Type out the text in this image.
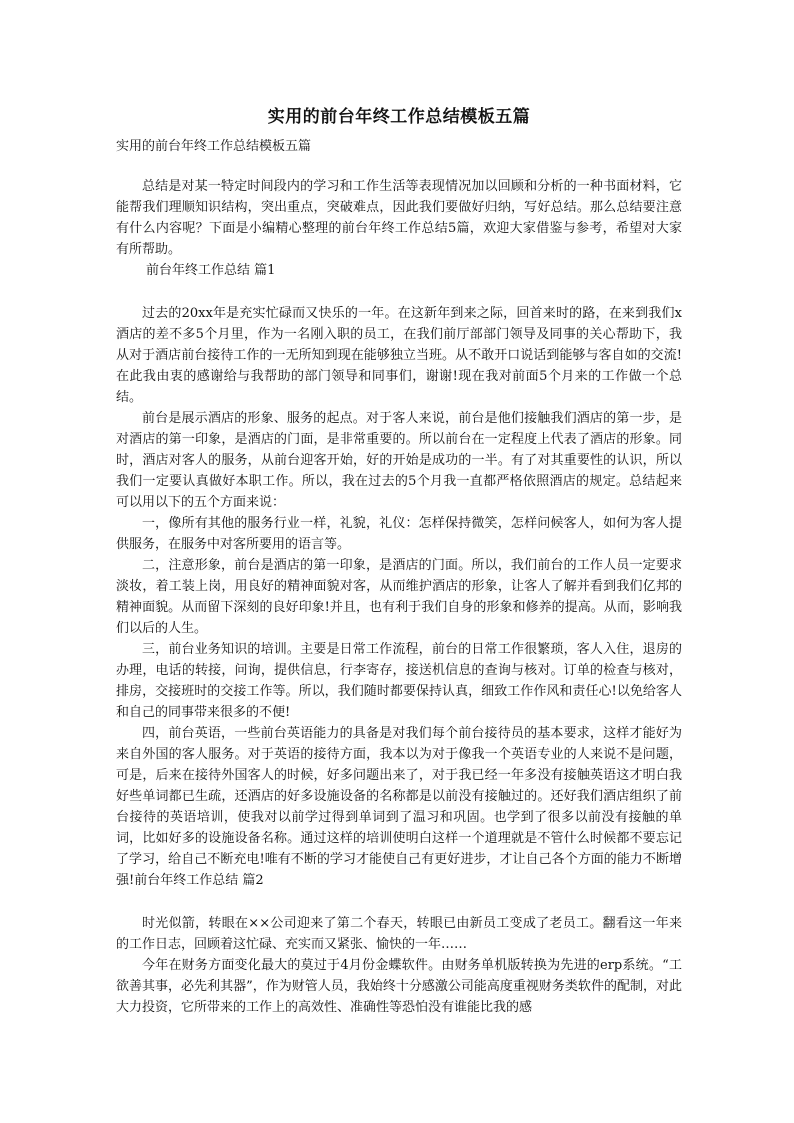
实用的前台年终工作总结模板五篇

实用的前台年终工作总结模板五篇

总结是对某一特定时间段内的学习和工作生活等表现情况加以回顾和分析的一种书面材料，它能帮我们理顺知识结构，突出重点，突破难点，因此我们要做好归纳，写好总结。那么总结要注意有什么内容呢？下面是小编精心整理的前台年终工作总结5篇，欢迎大家借鉴与参考，希望对大家有所帮助。

前台年终工作总结 篇1

过去的20xx年是充实忙碌而又快乐的一年。在这新年到来之际，回首来时的路，在来到我们x酒店的差不多5个月里，作为一名刚入职的员工，在我们前厅部部门领导及同事的关心帮助下，我从对于酒店前台接待工作的一无所知到现在能够独立当班。从不敢开口说话到能够与客自如的交流!在此我由衷的感谢给与我帮助的部门领导和同事们，谢谢!现在我对前面5个月来的工作做一个总结。

前台是展示酒店的形象、服务的起点。对于客人来说，前台是他们接触我们酒店的第一步，是对酒店的第一印象，是酒店的门面，是非常重要的。所以前台在一定程度上代表了酒店的形象。同时，酒店对客人的服务，从前台迎客开始，好的开始是成功的一半。有了对其重要性的认识，所以我们一定要认真做好本职工作。所以，我在过去的5个月我一直都严格依照酒店的规定。总结起来可以用以下的五个方面来说：

一，像所有其他的服务行业一样，礼貌，礼仪：怎样保持微笑，怎样问候客人，如何为客人提供服务，在服务中对客所要用的语言等。

二，注意形象，前台是酒店的第一印象，是酒店的门面。所以，我们前台的工作人员一定要求淡妆，着工装上岗，用良好的精神面貌对客，从而维护酒店的形象，让客人了解并看到我们亿邦的精神面貌。从而留下深刻的良好印象!并且，也有利于我们自身的形象和修养的提高。从而，影响我们以后的人生。

三，前台业务知识的培训。主要是日常工作流程，前台的日常工作很繁琐，客人入住，退房的办理，电话的转接，问询，提供信息，行李寄存，接送机信息的查询与核对。订单的检查与核对，排房，交接班时的交接工作等。所以，我们随时都要保持认真，细致工作作风和责任心!以免给客人和自己的同事带来很多的不便!

四，前台英语，一些前台英语能力的具备是对我们每个前台接待员的基本要求，这样才能好为来自外国的客人服务。对于英语的接待方面，我本以为对于像我一个英语专业的人来说不是问题，可是，后来在接待外国客人的时候，好多问题出来了，对于我已经一年多没有接触英语这才明白我好些单词都已生疏，还酒店的好多设施设备的名称都是以前没有接触过的。还好我们酒店组织了前台接待的英语培训，使我对以前学过得到单词到了温习和巩固。也学到了很多以前没有接触的单词，比如好多的设施设备名称。通过这样的培训使明白这样一个道理就是不管什么时候都不要忘记了学习，给自己不断充电!唯有不断的学习才能使自己有更好进步，才让自己各个方面的能力不断增强!前台年终工作总结 篇2

时光似箭，转眼在××公司迎来了第二个春天，转眼已由新员工变成了老员工。翻看这一年来的工作日志，回顾着这忙碌、充实而又紧张、愉快的一年……

今年在财务方面变化最大的莫过于4月份金蝶软件。由财务单机版转换为先进的erp系统。“工欲善其事，必先利其器”，作为财管人员，我始终十分感激公司能高度重视财务类软件的配制，对此大力投资，它所带来的工作上的高效性、准确性等恐怕没有谁能比我的感
